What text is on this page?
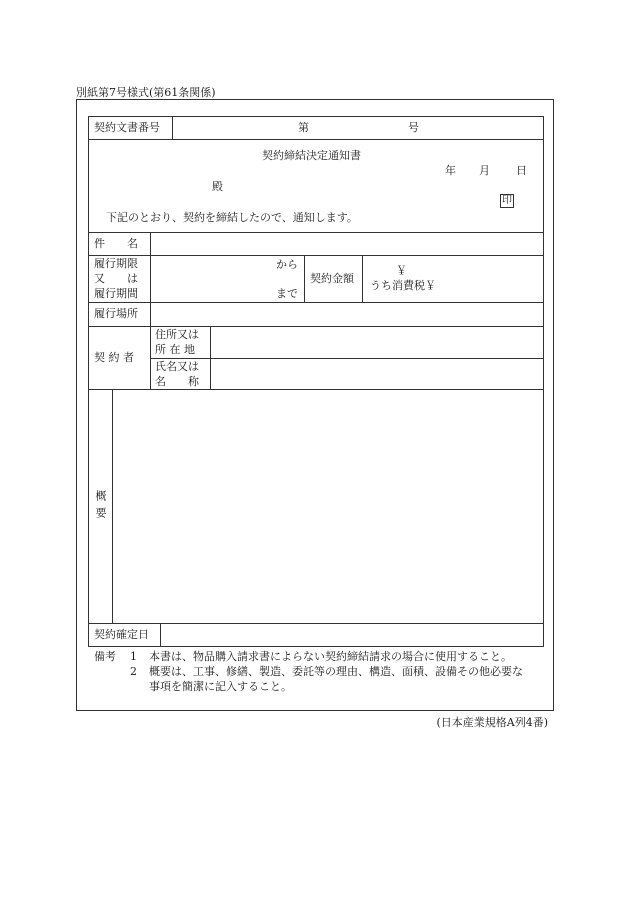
別紙第7号様式(第61条関係)
契約文書番号	第	号
契約締結決定通知書
年 月 日
殿
印
下記のとおり、契約を締結したので、通知します。
件　　名
履行期限
又　　は
履行期間
から
まで
契約金額
￥
うち消費税￥
履行場所
契 約 者
住所又は
所 在 地
氏名又は
名　　称
概要
契約確定日
備考 1 本書は、物品購入請求書によらない契約締結請求の場合に使用すること。
2 概要は、工事、修繕、製造、委託等の理由、構造、面積、設備その他必要な
事項を簡潔に記入すること。
(日本産業規格A列4番)
